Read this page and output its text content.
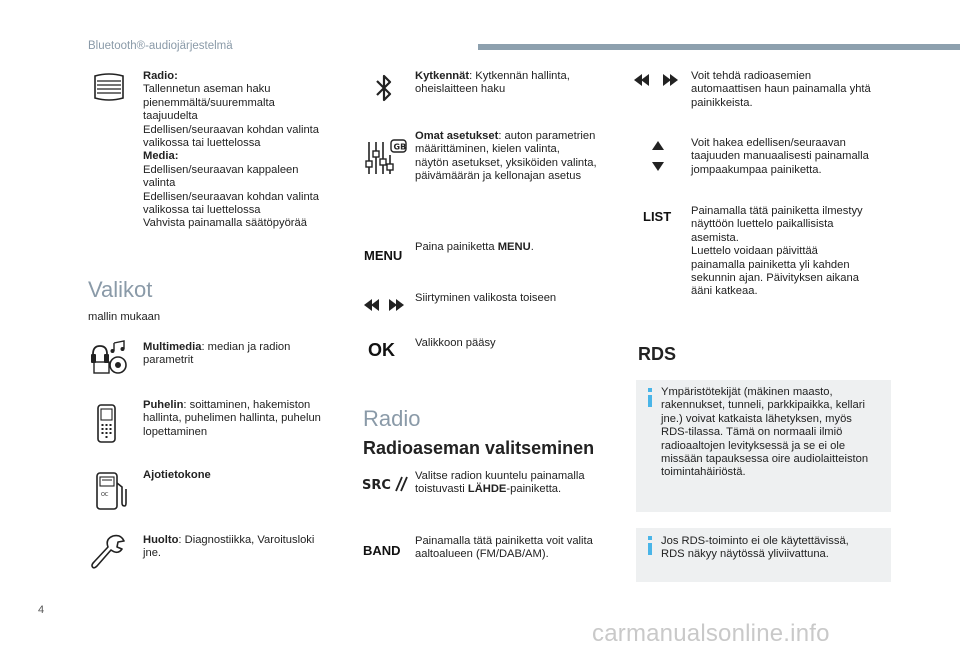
Bluetooth®-audiojärjestelmä
Radio:
Tallennetun aseman haku
pienemmältä/suuremmalta
taajuudelta
Edellisen/seuraavan kohdan valinta
valikossa tai luettelossa
Media:
Edellisen/seuraavan kappaleen
valinta
Edellisen/seuraavan kohdan valinta
valikossa tai luettelossa
Vahvista painamalla säätöpyörää
Valikot
mallin mukaan
Multimedia: median ja radion
parametrit
Puhelin: soittaminen, hakemiston
hallinta, puhelimen hallinta, puhelun
lopettaminen
OC
Ajotietokone
Huolto: Diagnostiikka, Varoitusloki
jne.
Kytkennät: Kytkennän hallinta,
oheislaitteen haku
GB
Omat asetukset: auton parametrien
määrittäminen, kielen valinta,
näytön asetukset, yksiköiden valinta,
päivämäärän ja kellonajan asetus
MENU
Paina painiketta MENU.
Siirtyminen valikosta toiseen
OK Valikkoon pääsy
Radio
Radioaseman valitseminen
SRC
Valitse radion kuuntelu painamalla
toistuvasti LÄHDE-painiketta.
BAND
Painamalla tätä painiketta voit valita
aaltoalueen (FM/DAB/AM).
Voit tehdä radioasemien
automaattisen haun painamalla yhtä
painikkeista.
Voit hakea edellisen/seuraavan
taajuuden manuaalisesti painamalla
jompaakumpaa painiketta.
LIST Painamalla tätä painiketta ilmestyy
näyttöön luettelo paikallisista
asemista.
Luettelo voidaan päivittää
painamalla painiketta yli kahden
sekunnin ajan. Päivityksen aikana
ääni katkeaa.
RDS
Ympäristötekijät (mäkinen maasto,
rakennukset, tunneli, parkkipaikka, kellari
jne.) voivat katkaista lähetyksen, myös
RDS-tilassa. Tämä on normaali ilmiö
radioaaltojen levityksessä ja se ei ole
missään tapauksessa oire audiolaitteiston
toimintahäiriöstä.
Jos RDS-toiminto ei ole käytettävissä,
RDS näkyy näytössä yliviivattuna.
4
carmanualsonline.info
